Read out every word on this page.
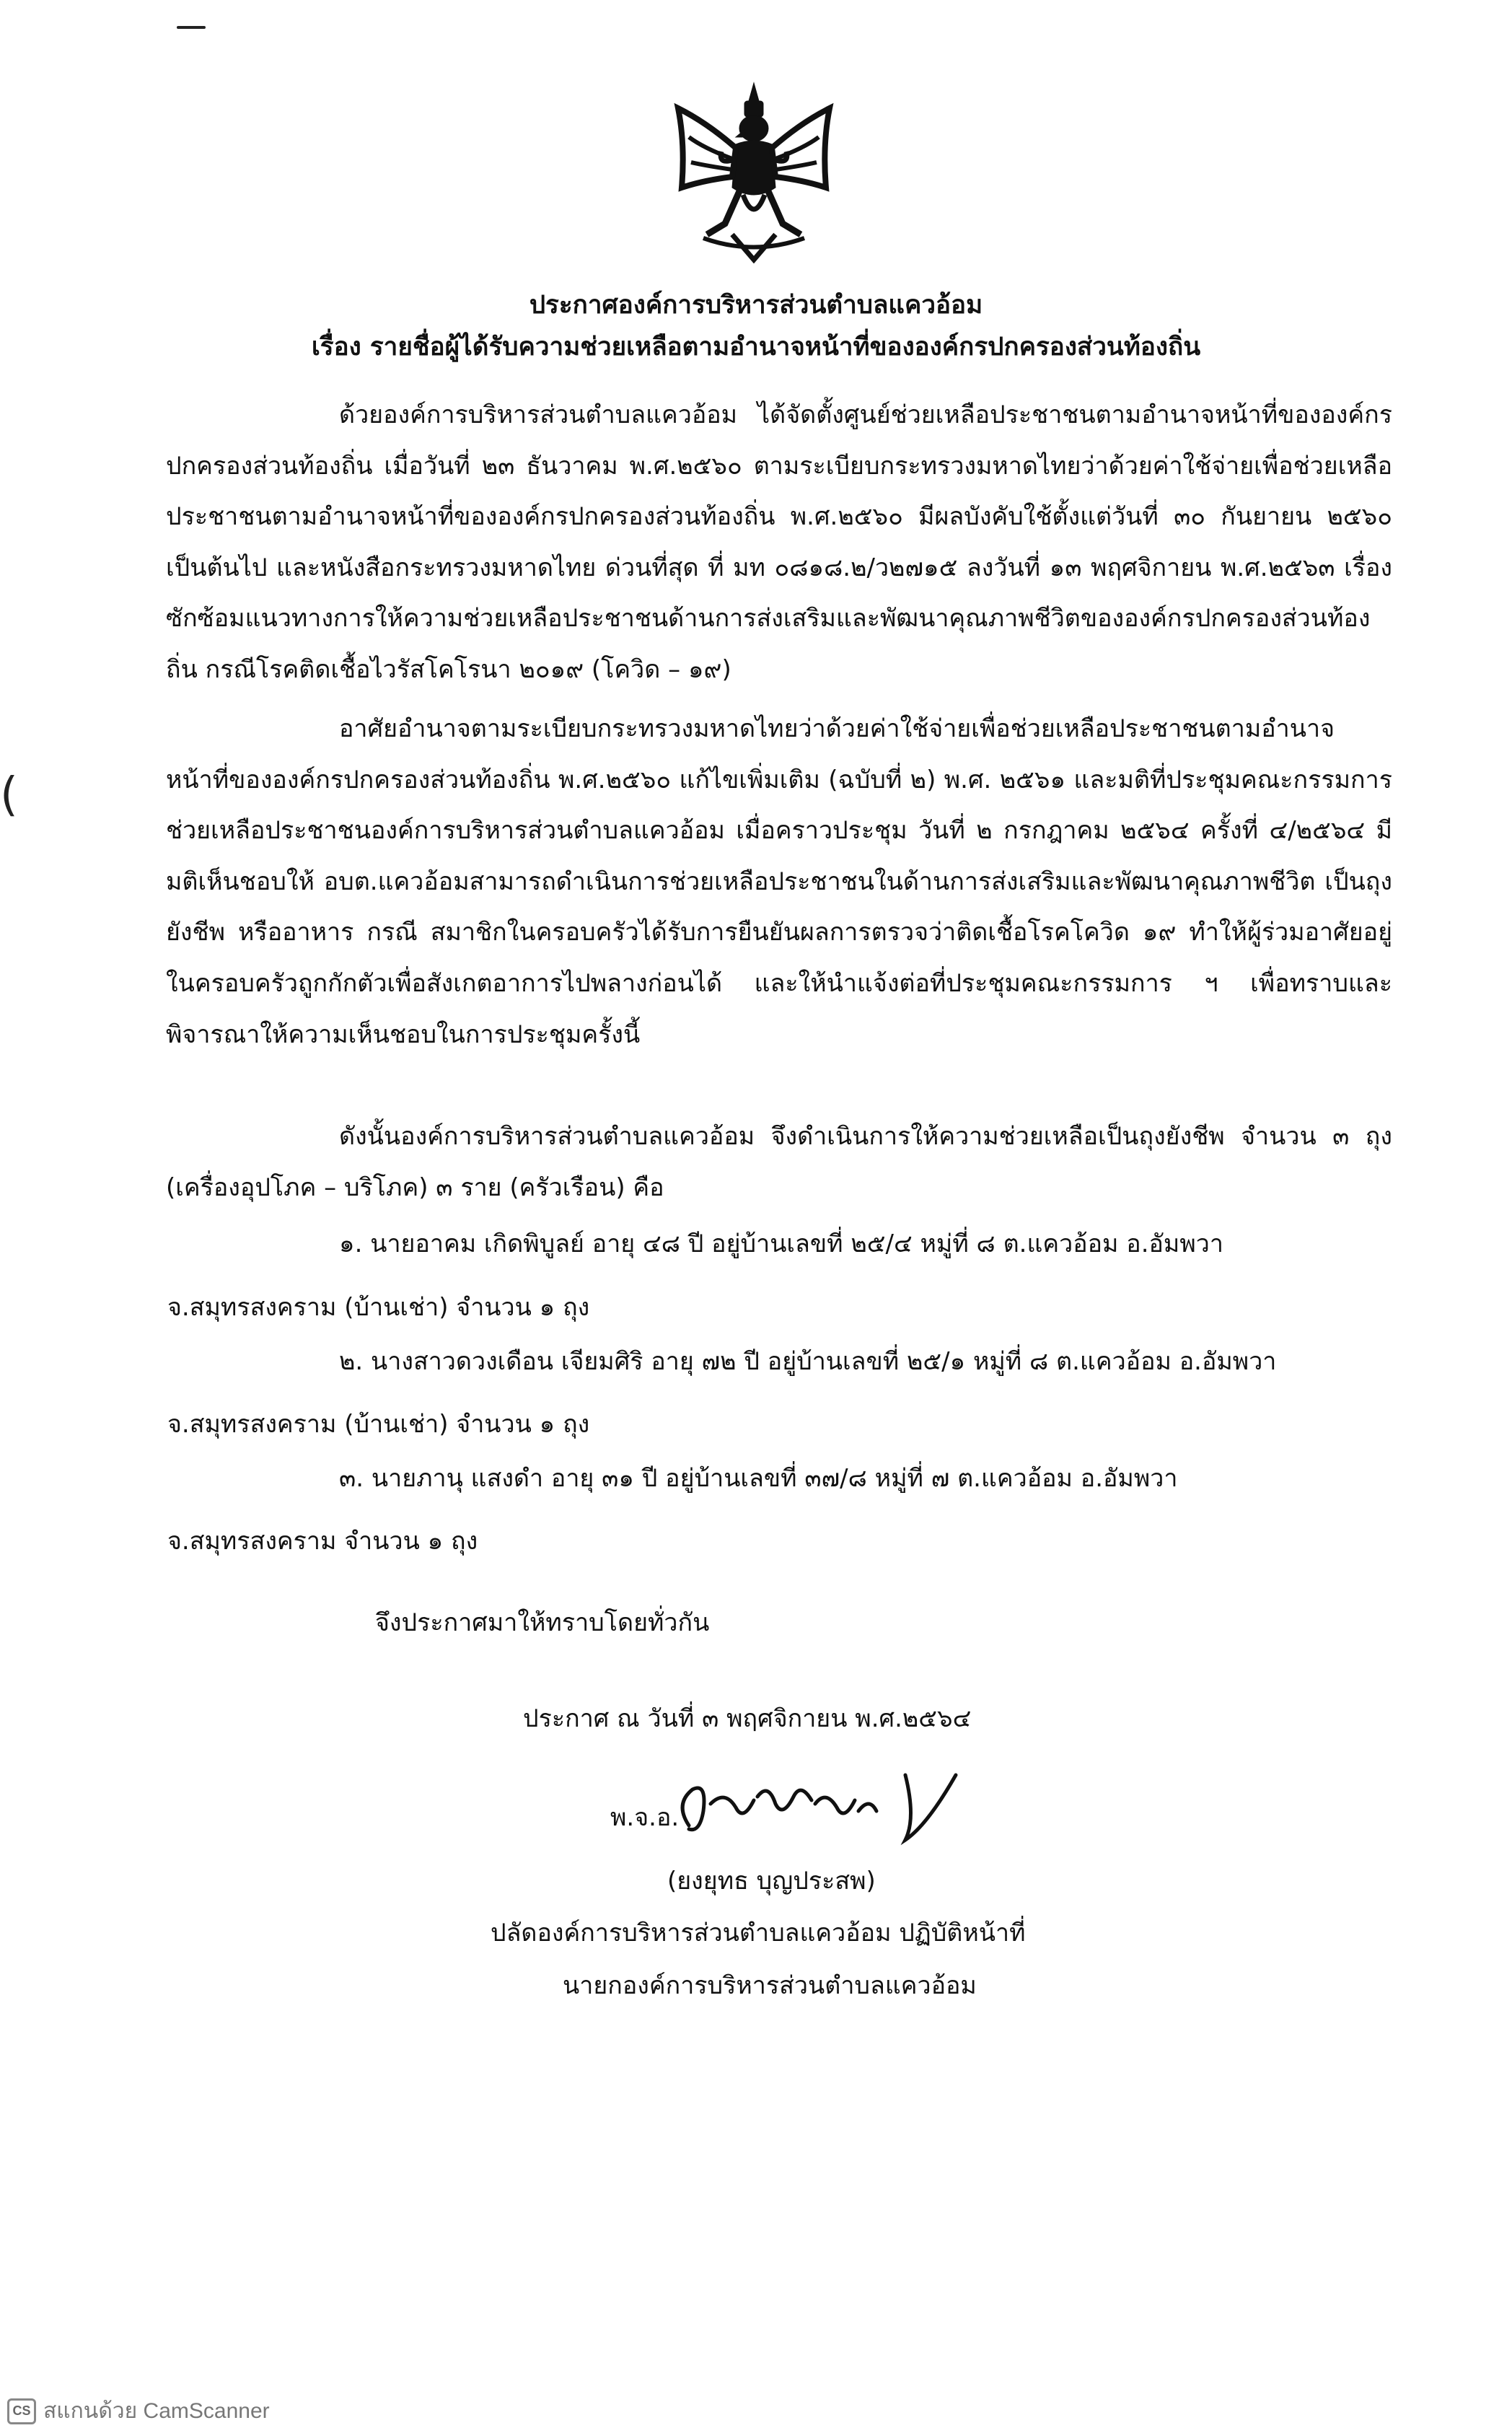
(
ประกาศองค์การบริหารส่วนตำบลแควอ้อม
เรื่อง รายชื่อผู้ได้รับความช่วยเหลือตามอำนาจหน้าที่ขององค์กรปกครองส่วนท้องถิ่น

ด้วยองค์การบริหารส่วนตำบลแควอ้อม ได้จัดตั้งศูนย์ช่วยเหลือประชาชนตามอำนาจหน้าที่ขององค์กรปกครองส่วนท้องถิ่น เมื่อวันที่ ๒๓ ธันวาคม พ.ศ.๒๕๖๐ ตามระเบียบกระทรวงมหาดไทยว่าด้วยค่าใช้จ่ายเพื่อช่วยเหลือประชาชนตามอำนาจหน้าที่ขององค์กรปกครองส่วนท้องถิ่น พ.ศ.๒๕๖๐ มีผลบังคับใช้ตั้งแต่วันที่ ๓๐ กันยายน ๒๕๖๐ เป็นต้นไป และหนังสือกระทรวงมหาดไทย ด่วนที่สุด ที่ มท ๐๘๑๘.๒/ว๒๗๑๕ ลงวันที่ ๑๓ พฤศจิกายน พ.ศ.๒๕๖๓ เรื่องซักซ้อมแนวทางการให้ความช่วยเหลือประชาชนด้านการส่งเสริมและพัฒนาคุณภาพชีวิตขององค์กรปกครองส่วนท้องถิ่น กรณีโรคติดเชื้อไวรัสโคโรนา ๒๐๑๙ (โควิด – ๑๙)

อาศัยอำนาจตามระเบียบกระทรวงมหาดไทยว่าด้วยค่าใช้จ่ายเพื่อช่วยเหลือประชาชนตามอำนาจหน้าที่ขององค์กรปกครองส่วนท้องถิ่น พ.ศ.๒๕๖๐ แก้ไขเพิ่มเติม (ฉบับที่ ๒) พ.ศ. ๒๕๖๑ และมติที่ประชุมคณะกรรมการช่วยเหลือประชาชนองค์การบริหารส่วนตำบลแควอ้อม เมื่อคราวประชุม วันที่ ๒ กรกฎาคม ๒๕๖๔ ครั้งที่ ๔/๒๕๖๔ มีมติเห็นชอบให้ อบต.แควอ้อมสามารถดำเนินการช่วยเหลือประชาชนในด้านการส่งเสริมและพัฒนาคุณภาพชีวิต เป็นถุงยังชีพ หรืออาหาร กรณี สมาชิกในครอบครัวได้รับการยืนยันผลการตรวจว่าติดเชื้อโรคโควิด ๑๙ ทำให้ผู้ร่วมอาศัยอยู่ในครอบครัวถูกกักตัวเพื่อสังเกตอาการไปพลางก่อนได้ และให้นำแจ้งต่อที่ประชุมคณะกรรมการ ฯ เพื่อทราบและพิจารณาให้ความเห็นชอบในการประชุมครั้งนี้

ดังนั้นองค์การบริหารส่วนตำบลแควอ้อม จึงดำเนินการให้ความช่วยเหลือเป็นถุงยังชีพ จำนวน ๓ ถุง (เครื่องอุปโภค – บริโภค) ๓ ราย (ครัวเรือน) คือ

๑. นายอาคม เกิดพิบูลย์ อายุ ๔๘ ปี อยู่บ้านเลขที่ ๒๕/๔ หมู่ที่ ๘ ต.แควอ้อม อ.อัมพวา
จ.สมุทรสงคราม (บ้านเช่า) จำนวน ๑ ถุง
๒. นางสาวดวงเดือน เจียมศิริ อายุ ๗๒ ปี อยู่บ้านเลขที่ ๒๕/๑ หมู่ที่ ๘ ต.แควอ้อม อ.อัมพวา
จ.สมุทรสงคราม (บ้านเช่า) จำนวน ๑ ถุง
๓. นายภานุ แสงดำ อายุ ๓๑ ปี อยู่บ้านเลขที่ ๓๗/๘ หมู่ที่ ๗ ต.แควอ้อม อ.อัมพวา
จ.สมุทรสงคราม จำนวน ๑ ถุง
จึงประกาศมาให้ทราบโดยทั่วกัน
ประกาศ ณ วันที่ ๓ พฤศจิกายน พ.ศ.๒๕๖๔
พ.จ.อ.
(ยงยุทธ บุญประสพ)
ปลัดองค์การบริหารส่วนตำบลแควอ้อม ปฏิบัติหน้าที่
นายกองค์การบริหารส่วนตำบลแควอ้อม
CS สแกนด้วย CamScanner
